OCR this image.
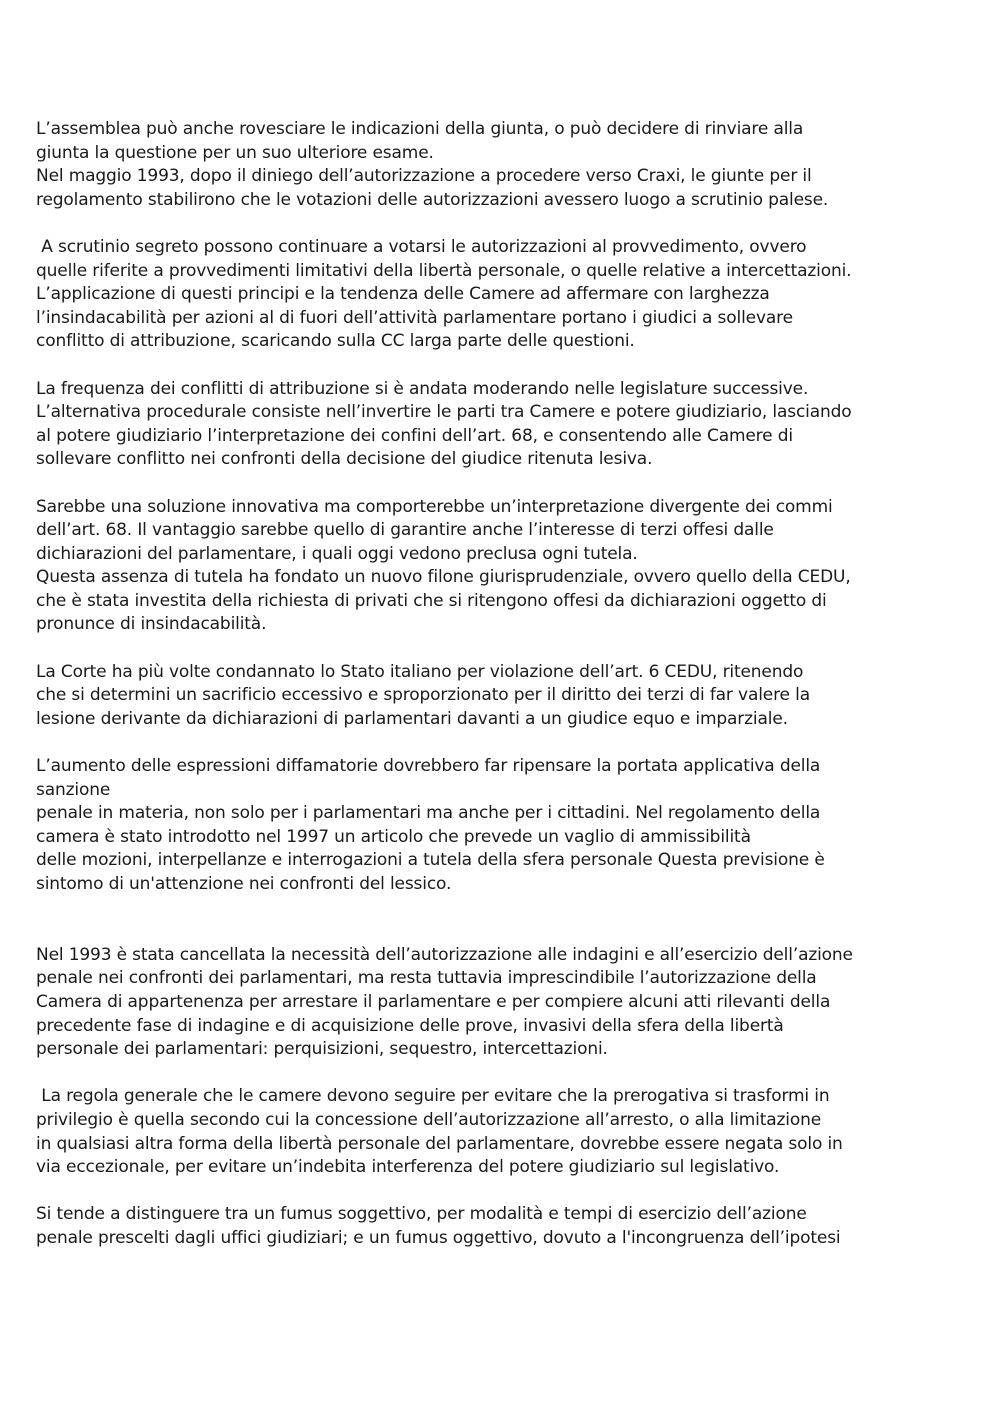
L’assemblea può anche rovesciare le indicazioni della giunta, o può decidere di rinviare alla
giunta la questione per un suo ulteriore esame.
Nel maggio 1993, dopo il diniego dell’autorizzazione a procedere verso Craxi, le giunte per il
regolamento stabilirono che le votazioni delle autorizzazioni avessero luogo a scrutinio palese.

A scrutinio segreto possono continuare a votarsi le autorizzazioni al provvedimento, ovvero
quelle riferite a provvedimenti limitativi della libertà personale, o quelle relative a intercettazioni.
L’applicazione di questi principi e la tendenza delle Camere ad affermare con larghezza
l’insindacabilità per azioni al di fuori dell’attività parlamentare portano i giudici a sollevare
conflitto di attribuzione, scaricando sulla CC larga parte delle questioni.

La frequenza dei conflitti di attribuzione si è andata moderando nelle legislature successive.
L’alternativa procedurale consiste nell’invertire le parti tra Camere e potere giudiziario, lasciando
al potere giudiziario l’interpretazione dei confini dell’art. 68, e consentendo alle Camere di
sollevare conflitto nei confronti della decisione del giudice ritenuta lesiva.

Sarebbe una soluzione innovativa ma comporterebbe un’interpretazione divergente dei commi
dell’art. 68. Il vantaggio sarebbe quello di garantire anche l’interesse di terzi offesi dalle
dichiarazioni del parlamentare, i quali oggi vedono preclusa ogni tutela.
Questa assenza di tutela ha fondato un nuovo filone giurisprudenziale, ovvero quello della CEDU,
che è stata investita della richiesta di privati che si ritengono offesi da dichiarazioni oggetto di
pronunce di insindacabilità.

La Corte ha più volte condannato lo Stato italiano per violazione dell’art. 6 CEDU, ritenendo
che si determini un sacrificio eccessivo e sproporzionato per il diritto dei terzi di far valere la
lesione derivante da dichiarazioni di parlamentari davanti a un giudice equo e imparziale.

L’aumento delle espressioni diffamatorie dovrebbero far ripensare la portata applicativa della
sanzione
penale in materia, non solo per i parlamentari ma anche per i cittadini. Nel regolamento della
camera è stato introdotto nel 1997 un articolo che prevede un vaglio di ammissibilità
delle mozioni, interpellanze e interrogazioni a tutela della sfera personale Questa previsione è
sintomo di un'attenzione nei confronti del lessico.

Nel 1993 è stata cancellata la necessità dell’autorizzazione alle indagini e all’esercizio dell’azione
penale nei confronti dei parlamentari, ma resta tuttavia imprescindibile l’autorizzazione della
Camera di appartenenza per arrestare il parlamentare e per compiere alcuni atti rilevanti della
precedente fase di indagine e di acquisizione delle prove, invasivi della sfera della libertà
personale dei parlamentari: perquisizioni, sequestro, intercettazioni.

La regola generale che le camere devono seguire per evitare che la prerogativa si trasformi in
privilegio è quella secondo cui la concessione dell’autorizzazione all’arresto, o alla limitazione
in qualsiasi altra forma della libertà personale del parlamentare, dovrebbe essere negata solo in
via eccezionale, per evitare un’indebita interferenza del potere giudiziario sul legislativo.

Si tende a distinguere tra un fumus soggettivo, per modalità e tempi di esercizio dell’azione
penale prescelti dagli uffici giudiziari; e un fumus oggettivo, dovuto a l'incongruenza dell’ipotesi
